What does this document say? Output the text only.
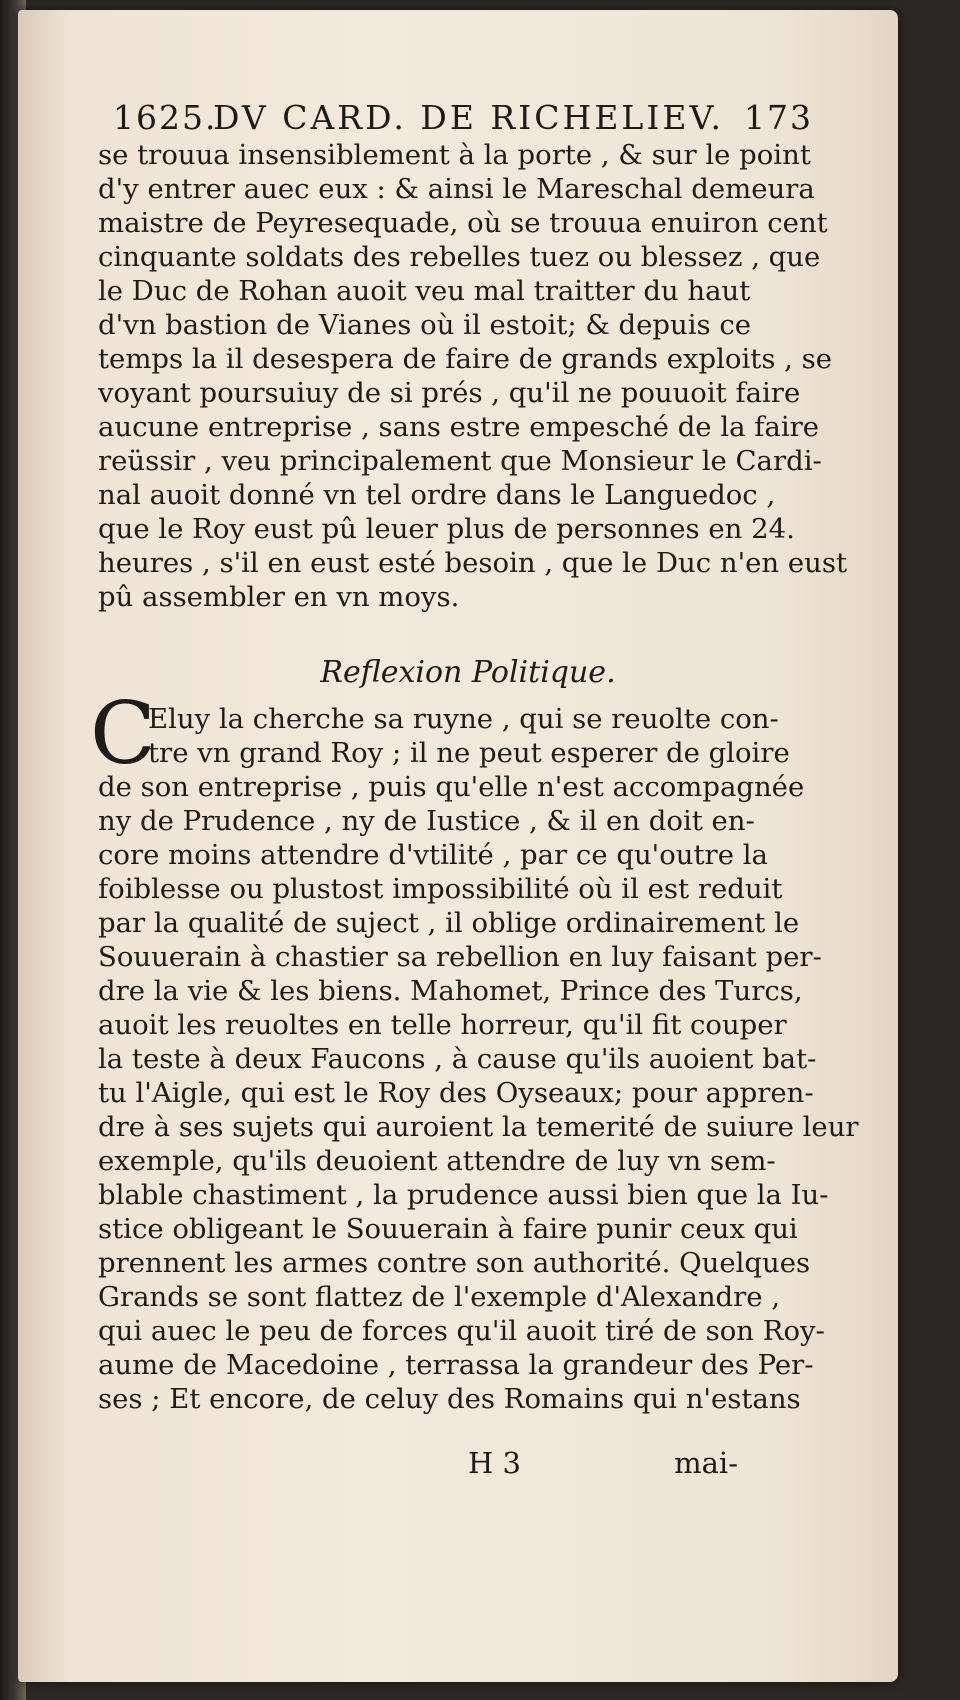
1625.
DV CARD. DE RICHELIEV. 173
se trouua insensiblement à la porte , & sur le point
d'y entrer auec eux : & ainsi le Mareschal demeura
maistre de Peyresequade, où se trouua enuiron cent
cinquante soldats des rebelles tuez ou blessez , que
le Duc de Rohan auoit veu mal traitter du haut
d'vn bastion de Vianes où il estoit; & depuis ce
temps la il desespera de faire de grands exploits , se
voyant poursuiuy de si prés , qu'il ne pouuoit faire
aucune entreprise , sans estre empesché de la faire
reüssir , veu principalement que Monsieur le Cardi-
nal auoit donné vn tel ordre dans le Languedoc ,
que le Roy eust pû leuer plus de personnes en 24.
heures , s'il en eust esté besoin , que le Duc n'en eust
pû assembler en vn moys.
Reflexion Politique.
C
Eluy la cherche sa ruyne , qui se reuolte con-
tre vn grand Roy ; il ne peut esperer de gloire
de son entreprise , puis qu'elle n'est accompagnée
ny de Prudence , ny de Iustice , & il en doit en-
core moins attendre d'vtilité , par ce qu'outre la
foiblesse ou plustost impossibilité où il est reduit
par la qualité de suject , il oblige ordinairement le
Souuerain à chastier sa rebellion en luy faisant per-
dre la vie & les biens. Mahomet, Prince des Turcs,
auoit les reuoltes en telle horreur, qu'il fit couper
la teste à deux Faucons , à cause qu'ils auoient bat-
tu l'Aigle, qui est le Roy des Oyseaux; pour appren-
dre à ses sujets qui auroient la temerité de suiure leur
exemple, qu'ils deuoient attendre de luy vn sem-
blable chastiment , la prudence aussi bien que la Iu-
stice obligeant le Souuerain à faire punir ceux qui
prennent les armes contre son authorité. Quelques
Grands se sont flattez de l'exemple d'Alexandre ,
qui auec le peu de forces qu'il auoit tiré de son Roy-
aume de Macedoine , terrassa la grandeur des Per-
ses ; Et encore, de celuy des Romains qui n'estans
H 3	mai-
